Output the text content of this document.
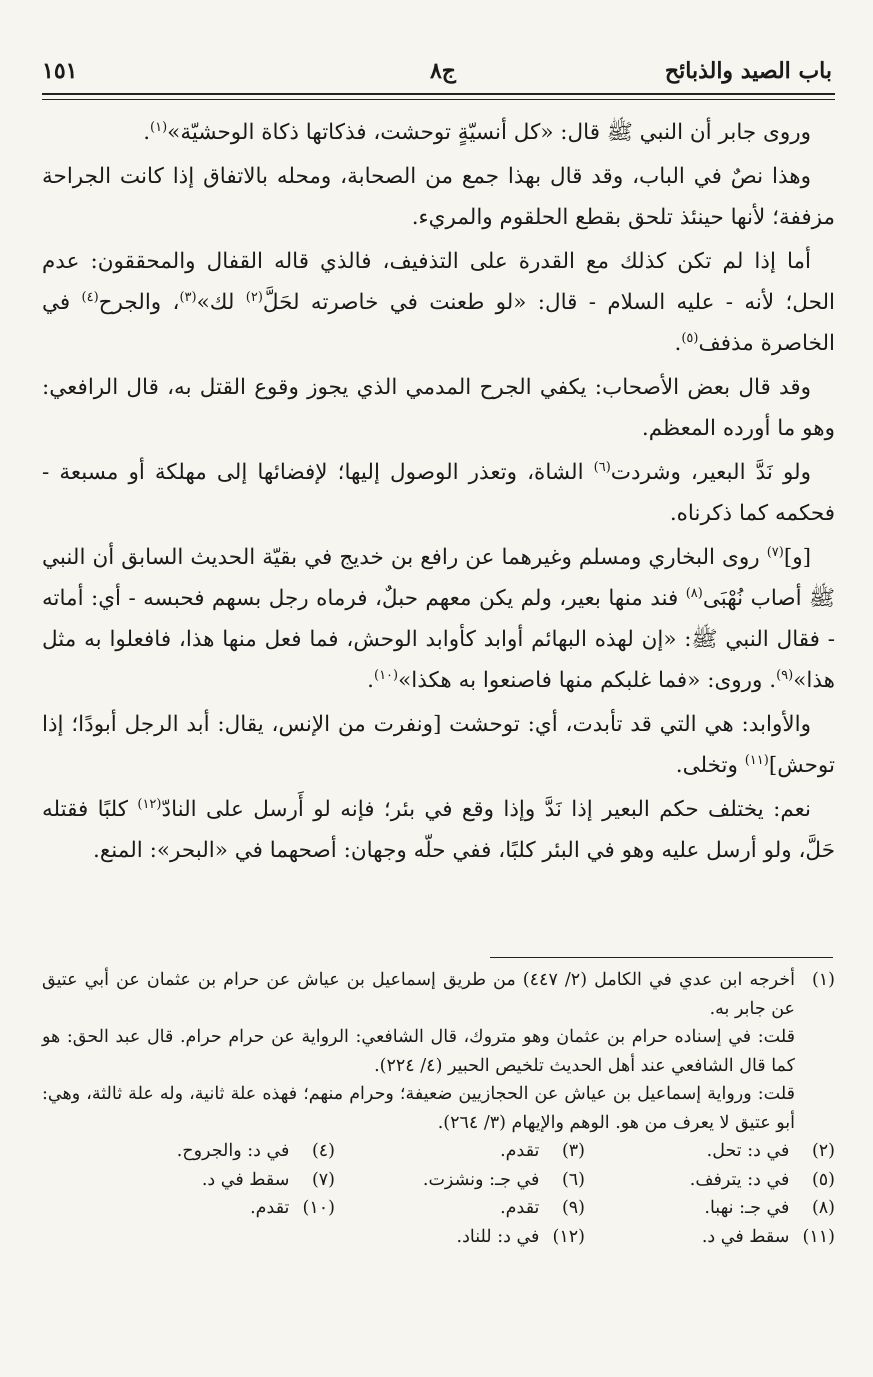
باب الصيد والذبائح
ج٨
١٥١

وروى جابر أن النبي ﷺ قال: «كل أنسيّةٍ توحشت، فذكاتها ذكاة الوحشيّة»$^{(١)}$.

وهذا نصٌ في الباب، وقد قال بهذا جمع من الصحابة، ومحله بالاتفاق إذا كانت الجراحة مزففة؛ لأنها حينئذ تلحق بقطع الحلقوم والمريء.

أما إذا لم تكن كذلك مع القدرة على التذفيف، فالذي قاله القفال والمحققون: عدم الحل؛ لأنه - عليه السلام - قال: «لو طعنت في خاصرته لحَلَّ$^{(٢)}$ لك»$^{(٣)}$، والجرح$^{(٤)}$ في الخاصرة مذفف$^{(٥)}$.

وقد قال بعض الأصحاب: يكفي الجرح المدمي الذي يجوز وقوع القتل به، قال الرافعي: وهو ما أورده المعظم.

ولو نَدَّ البعير، وشردت$^{(٦)}$ الشاة، وتعذر الوصول إليها؛ لإفضائها إلى مهلكة أو مسبعة - فحكمه كما ذكرناه.

[و]$^{(٧)}$ روى البخاري ومسلم وغيرهما عن رافع بن خديج في بقيّة الحديث السابق أن النبي ﷺ أصاب نُهْبَى$^{(٨)}$ فند منها بعير، ولم يكن معهم حبلٌ، فرماه رجل بسهم فحبسه - أي: أماته - فقال النبي ﷺ: «إن لهذه البهائم أوابد كأوابد الوحش، فما فعل منها هذا، فافعلوا به مثل هذا»$^{(٩)}$. وروى: «فما غلبكم منها فاصنعوا به هكذا»$^{(١٠)}$.

والأوابد: هي التي قد تأبدت، أي: توحشت [ونفرت من الإنس، يقال: أبد الرجل أبودًا؛ إذا توحش]$^{(١١)}$ وتخلى.

نعم: يختلف حكم البعير إذا نَدَّ وإذا وقع في بئر؛ فإنه لو أَرسل على النادّ$^{(١٢)}$ كلبًا فقتله حَلَّ، ولو أرسل عليه وهو في البئر كلبًا، ففي حلّه وجهان: أصحهما في «البحر»: المنع.

(١)
أخرجه ابن عدي في الكامل (٢/ ٤٤٧) من طريق إسماعيل بن عياش عن حرام بن عثمان عن أبي عتيق عن جابر به.
قلت: في إسناده حرام بن عثمان وهو متروك، قال الشافعي: الرواية عن حرام حرام. قال عبد الحق: هو كما قال الشافعي عند أهل الحديث تلخيص الحبير (٤/ ٢٢٤).
قلت: ورواية إسماعيل بن عياش عن الحجازيين ضعيفة؛ وحرام منهم؛ فهذه علة ثانية، وله علة ثالثة، وهي: أبو عتيق لا يعرف من هو. الوهم والإيهام (٣/ ٢٦٤).
(٢) في د: تحل.
(٣) تقدم.
(٤) في د: والجروح.
(٥) في د: يترفف.
(٦) في جـ: ونشزت.
(٧) سقط في د.
(٨) في جـ: نهبا.
(٩) تقدم.
(١٠) تقدم.
(١١) سقط في د.
(١٢) في د: للناد.
